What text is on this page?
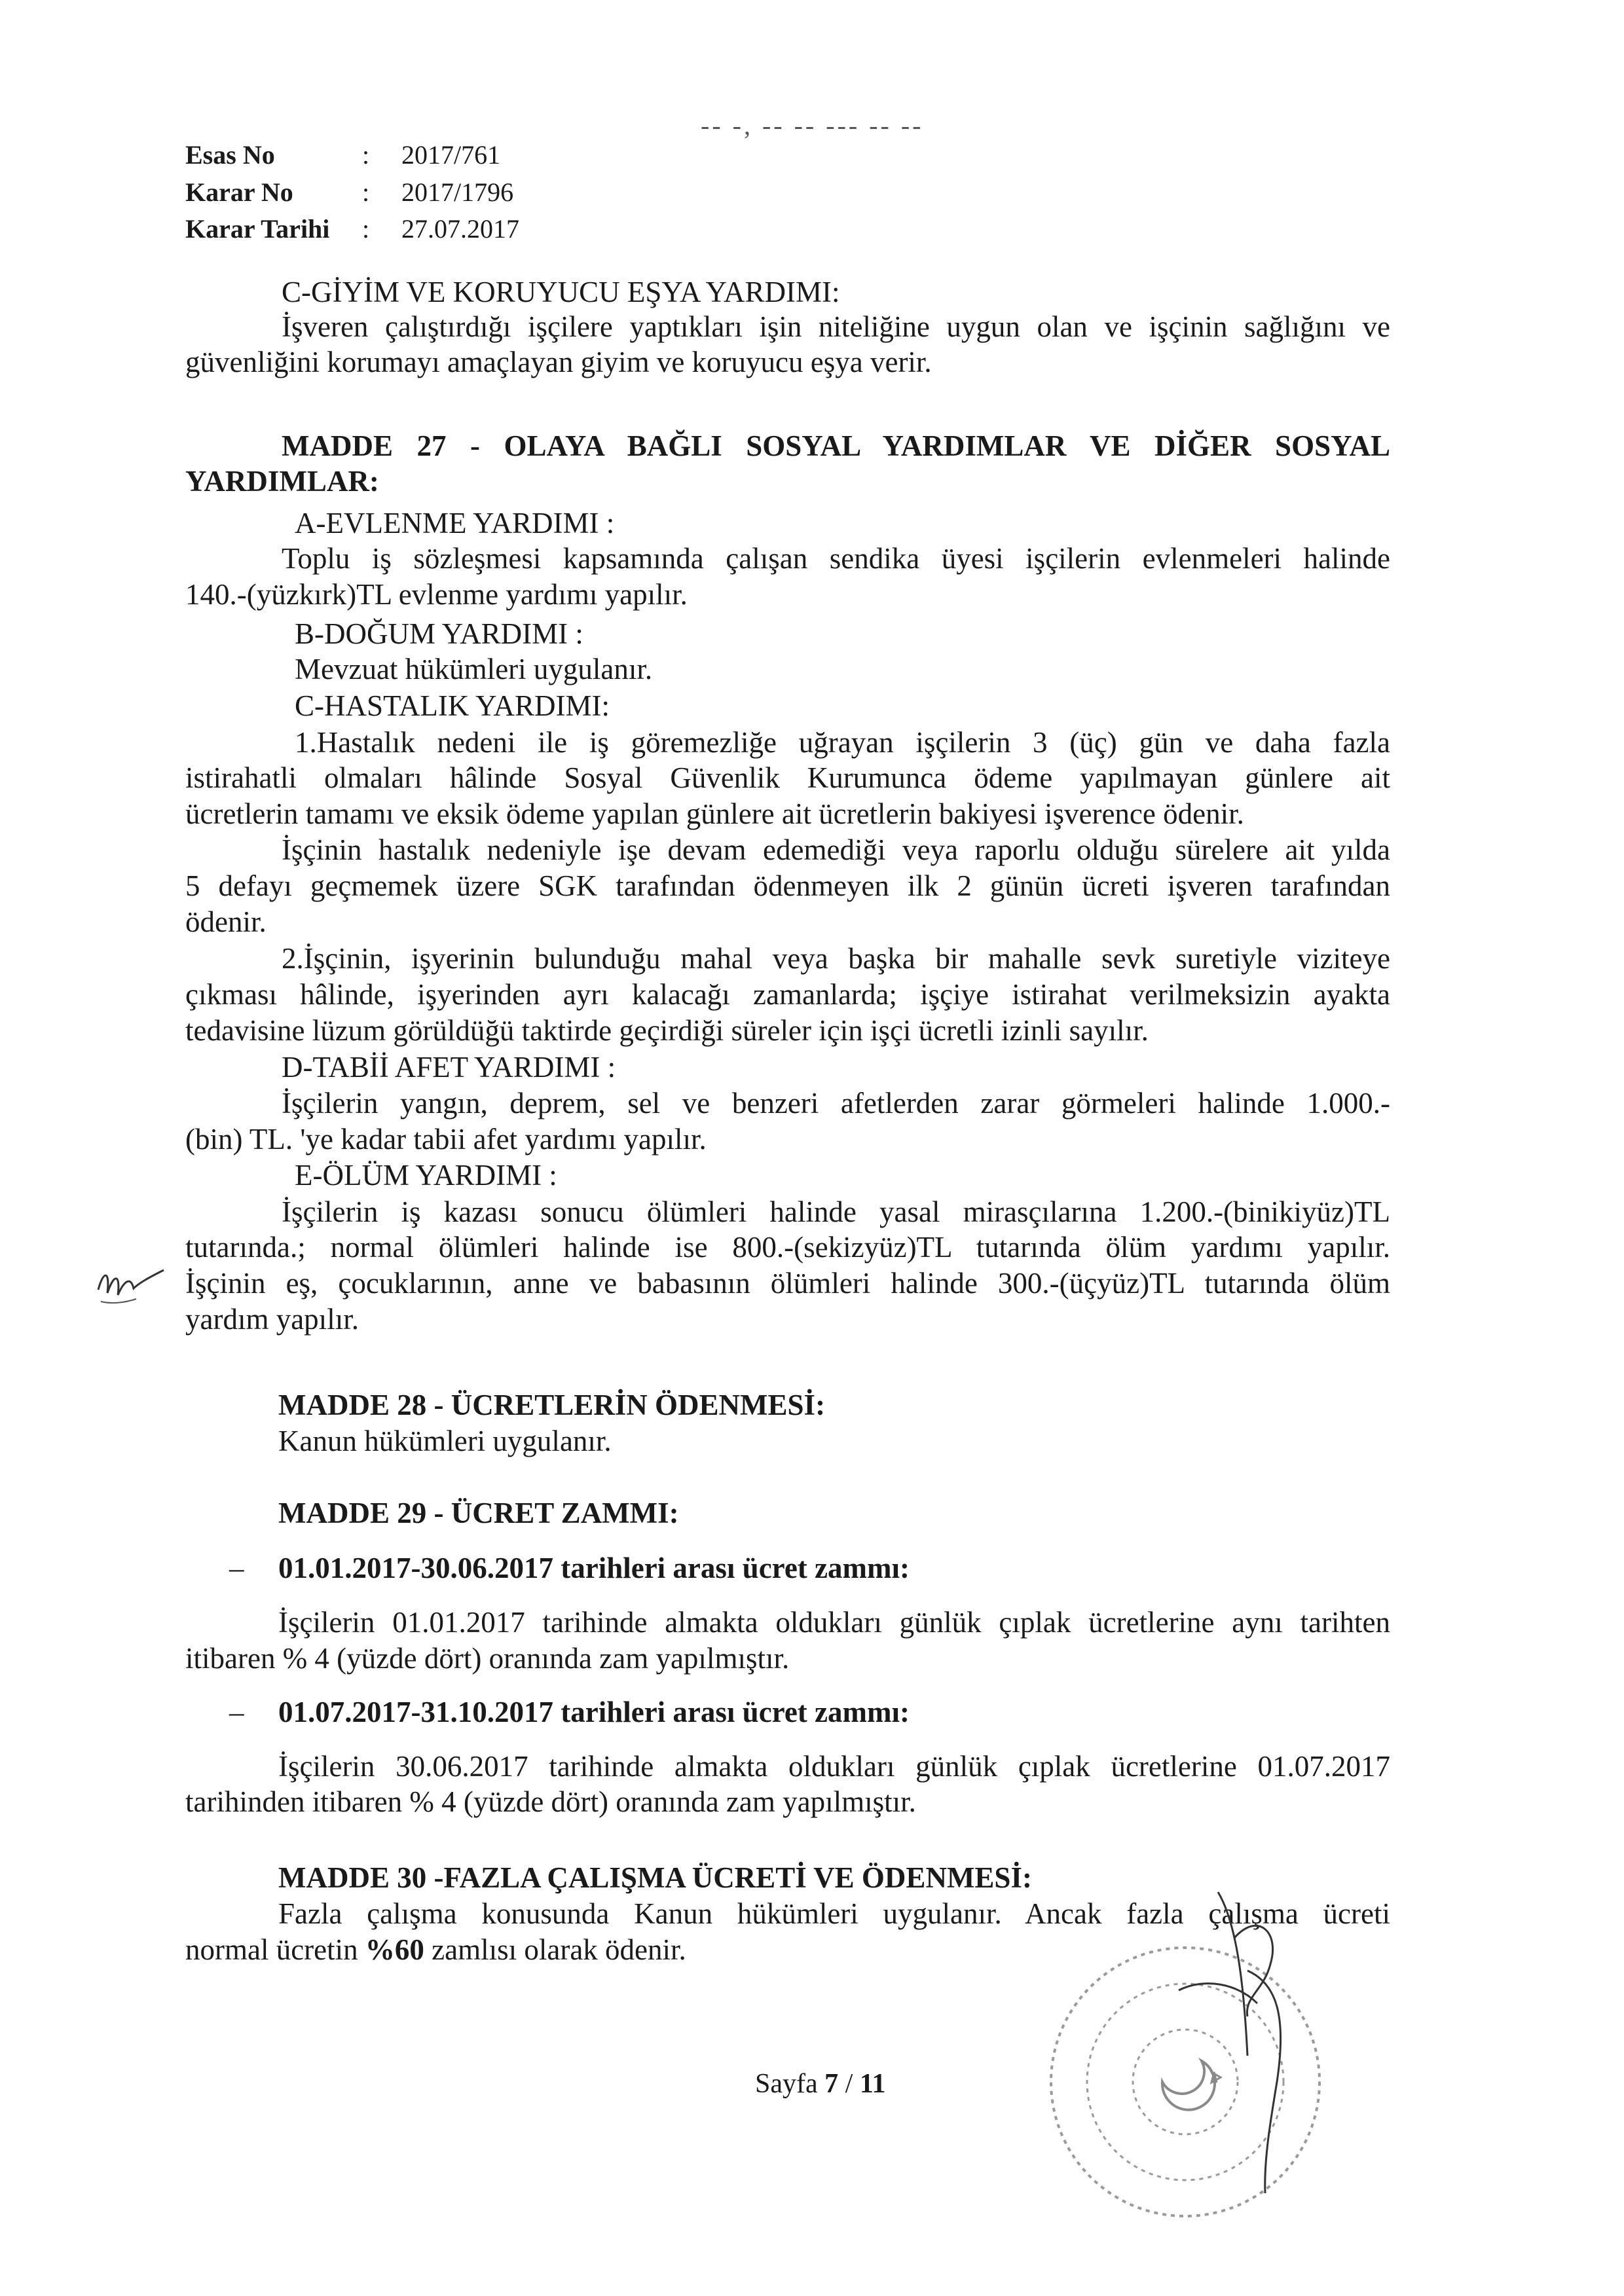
-- -, -- -- --- -- --
Esas No	: 2017/761
Karar No	: 2017/1796
Karar Tarihi : 27.07.2017
C-GİYİM VE KORUYUCU EŞYA YARDIMI:
İşveren çalıştırdığı işçilere yaptıkları işin niteliğine uygun olan ve işçinin sağlığını ve
güvenliğini korumayı amaçlayan giyim ve koruyucu eşya verir.
MADDE 27 - OLAYA BAĞLI SOSYAL YARDIMLAR VE DİĞER SOSYAL
YARDIMLAR:
A-EVLENME YARDIMI :
Toplu iş sözleşmesi kapsamında çalışan sendika üyesi işçilerin evlenmeleri halinde
140.-(yüzkırk)TL evlenme yardımı yapılır.
B-DOĞUM YARDIMI :
Mevzuat hükümleri uygulanır.
C-HASTALIK YARDIMI:
1.Hastalık nedeni ile iş göremezliğe uğrayan işçilerin 3 (üç) gün ve daha fazla
istirahatli olmaları hâlinde Sosyal Güvenlik Kurumunca ödeme yapılmayan günlere ait
ücretlerin tamamı ve eksik ödeme yapılan günlere ait ücretlerin bakiyesi işverence ödenir.
İşçinin hastalık nedeniyle işe devam edemediği veya raporlu olduğu sürelere ait yılda
5 defayı geçmemek üzere SGK tarafından ödenmeyen ilk 2 günün ücreti işveren tarafından
ödenir.
2.İşçinin, işyerinin bulunduğu mahal veya başka bir mahalle sevk suretiyle viziteye
çıkması hâlinde, işyerinden ayrı kalacağı zamanlarda; işçiye istirahat verilmeksizin ayakta
tedavisine lüzum görüldüğü taktirde geçirdiği süreler için işçi ücretli izinli sayılır.
D-TABİİ AFET YARDIMI :
İşçilerin yangın, deprem, sel ve benzeri afetlerden zarar görmeleri halinde 1.000.-
(bin) TL. 'ye kadar tabii afet yardımı yapılır.
E-ÖLÜM YARDIMI :
İşçilerin iş kazası sonucu ölümleri halinde yasal mirasçılarına 1.200.-(binikiyüz)TL
tutarında.; normal ölümleri halinde ise 800.-(sekizyüz)TL tutarında ölüm yardımı yapılır.
İşçinin eş, çocuklarının, anne ve babasının ölümleri halinde 300.-(üçyüz)TL tutarında ölüm
yardım yapılır.
MADDE 28 - ÜCRETLERİN ÖDENMESİ:
Kanun hükümleri uygulanır.
MADDE 29 - ÜCRET ZAMMI:
– 01.01.2017-30.06.2017 tarihleri arası ücret zammı:
İşçilerin 01.01.2017 tarihinde almakta oldukları günlük çıplak ücretlerine aynı tarihten
itibaren % 4 (yüzde dört) oranında zam yapılmıştır.
– 01.07.2017-31.10.2017 tarihleri arası ücret zammı:
İşçilerin 30.06.2017 tarihinde almakta oldukları günlük çıplak ücretlerine 01.07.2017
tarihinden itibaren % 4 (yüzde dört) oranında zam yapılmıştır.
MADDE 30 -FAZLA ÇALIŞMA ÜCRETİ VE ÖDENMESİ:
Fazla çalışma konusunda Kanun hükümleri uygulanır. Ancak fazla çalışma ücreti
normal ücretin %60 zamlısı olarak ödenir.
Sayfa 7 / 11
